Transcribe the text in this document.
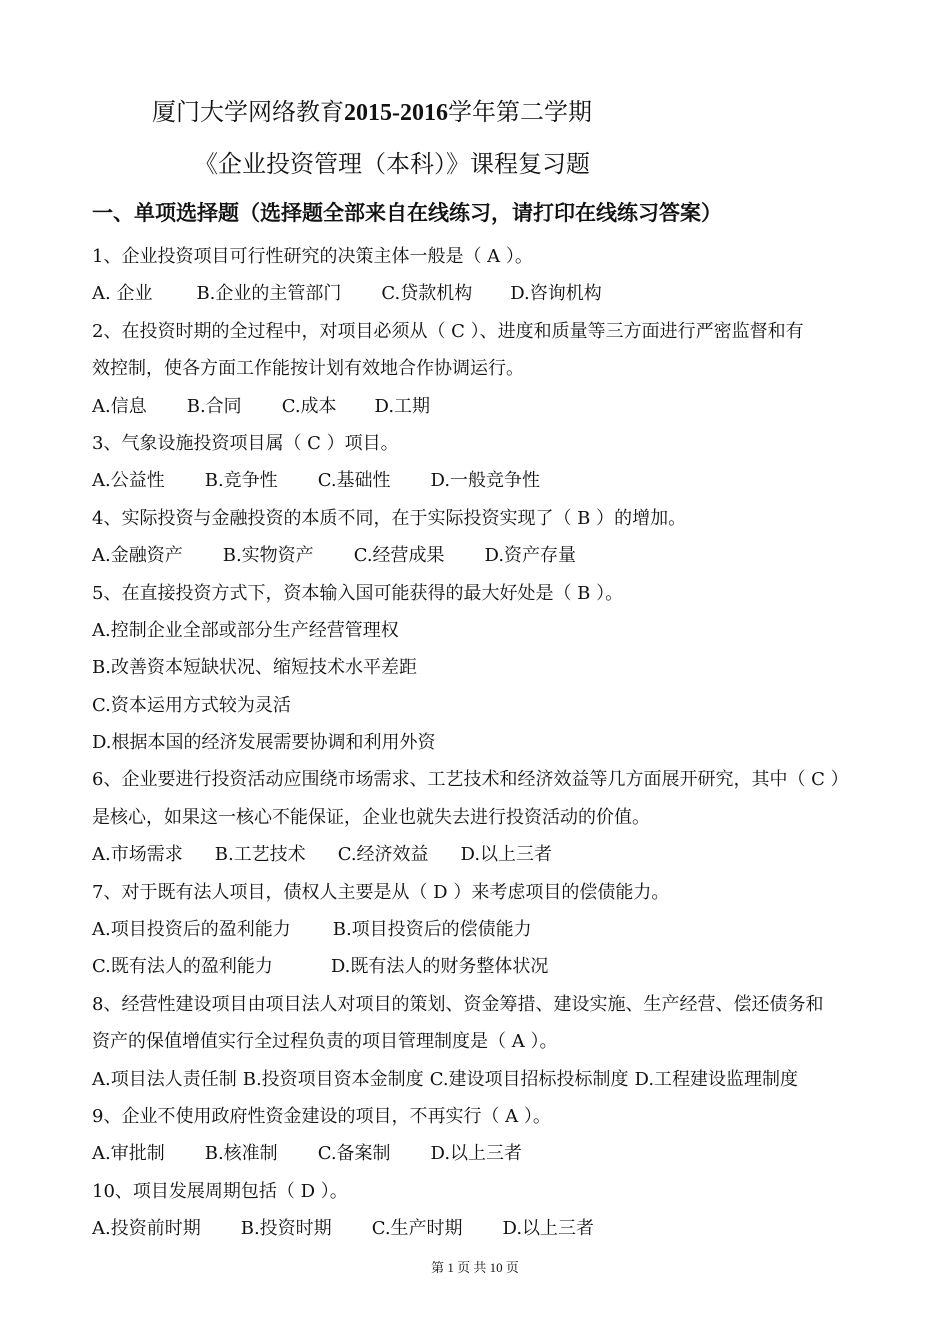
厦门大学网络教育2015-2016学年第二学期
《企业投资管理（本科）》课程复习题
一、单项选择题（选择题全部来自在线练习，请打印在线练习答案）
1、企业投资项目可行性研究的决策主体一般是（ A ）。
A. 企业 B.企业的主管部门 C.贷款机构 D.咨询机构
2、在投资时期的全过程中，对项目必须从（ C ）、进度和质量等三方面进行严密监督和有
效控制，使各方面工作能按计划有效地合作协调运行。
A.信息 B.合同 C.成本 D.工期
3、气象设施投资项目属（ C ）项目。
A.公益性 B.竞争性 C.基础性 D.一般竞争性
4、实际投资与金融投资的本质不同，在于实际投资实现了（ B ）的增加。
A.金融资产 B.实物资产 C.经营成果 D.资产存量
5、在直接投资方式下，资本输入国可能获得的最大好处是（ B ）。
A.控制企业全部或部分生产经营管理权
B.改善资本短缺状况、缩短技术水平差距
C.资本运用方式较为灵活
D.根据本国的经济发展需要协调和利用外资
6、企业要进行投资活动应围绕市场需求、工艺技术和经济效益等几方面展开研究，其中（ C ）
是核心，如果这一核心不能保证，企业也就失去进行投资活动的价值。
A.市场需求 B.工艺技术 C.经济效益 D.以上三者
7、对于既有法人项目，债权人主要是从（ D ）来考虑项目的偿债能力。
A.项目投资后的盈利能力 B.项目投资后的偿债能力
C.既有法人的盈利能力	D.既有法人的财务整体状况
8、经营性建设项目由项目法人对项目的策划、资金筹措、建设实施、生产经营、偿还债务和
资产的保值增值实行全过程负责的项目管理制度是（ A ）。
A.项目法人责任制 B.投资项目资本金制度 C.建设项目招标投标制度 D.工程建设监理制度
9、企业不使用政府性资金建设的项目，不再实行（ A ）。
A.审批制 B.核准制 C.备案制 D.以上三者
10、项目发展周期包括（ D ）。
A.投资前时期 B.投资时期 C.生产时期 D.以上三者
第 1 页 共 10 页
